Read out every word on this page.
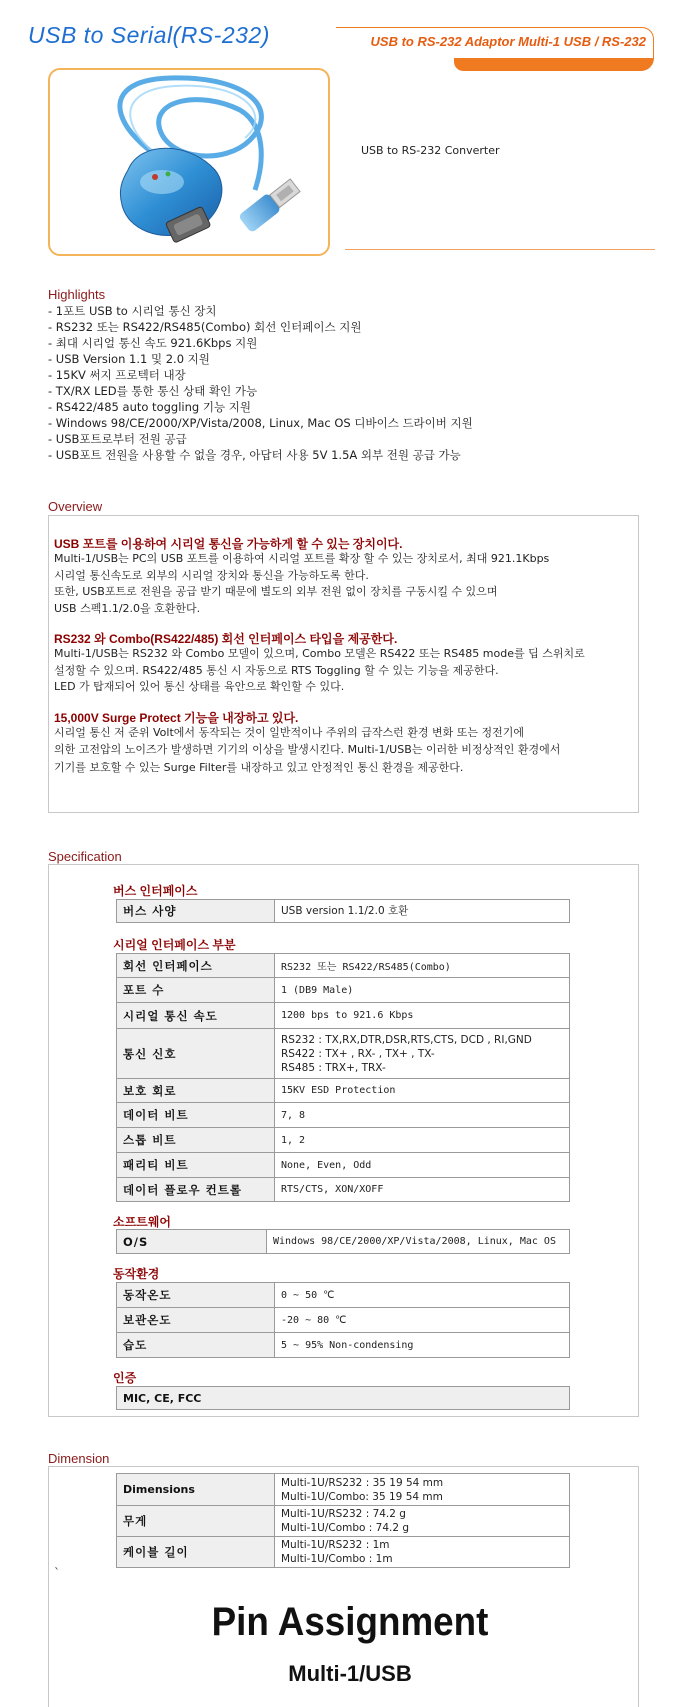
USB to Serial(RS-232)	USB to RS-232 Adaptor Multi-1 USB / RS-232
USB to RS-232 Converter
Highlights
- 1포트 USB to 시리얼 통신 장치
- RS232 또는 RS422/RS485(Combo) 회선 인터페이스 지원
- 최대 시리얼 통신 속도 921.6Kbps 지원
- USB Version 1.1 및 2.0 지원
- 15KV 써지 프로텍터 내장
- TX/RX LED를 통한 통신 상태 확인 가능
- RS422/485 auto toggling 기능 지원
- Windows 98/CE/2000/XP/Vista/2008, Linux, Mac OS 디바이스 드라이버 지원
- USB포트로부터 전원 공급
- USB포트 전원을 사용할 수 없을 경우, 아답터 사용 5V 1.5A 외부 전원 공급 가능
Overview
USB 포트를 이용하여 시리얼 통신을 가능하게 할 수 있는 장치이다.
Multi-1/USB는 PC의 USB 포트를 이용하여 시리얼 포트를 확장 할 수 있는 장치로서, 최대 921.1Kbps
시리얼 통신속도로 외부의 시리얼 장치와 통신을 가능하도록 한다.
또한, USB포트로 전원을 공급 받기 때문에 별도의 외부 전원 없이 장치를 구동시킬 수 있으며
USB 스펙1.1/2.0을 호환한다.
RS232 와 Combo(RS422/485) 회선 인터페이스 타입을 제공한다.
Multi-1/USB는 RS232 와 Combo 모델이 있으며, Combo 모델은 RS422 또는 RS485 mode를 딥 스위치로
설정할 수 있으며. RS422/485 통신 시 자동으로 RTS Toggling 할 수 있는 기능을 제공한다.
LED 가 탑재되어 있어 통신 상태를 육안으로 확인할 수 있다.
15,000V Surge Protect 기능을 내장하고 있다.
시리얼 통신 저 준위 Volt에서 동작되는 것이 일반적이나 주위의 급작스런 환경 변화 또는 정전기에
의한 고전압의 노이즈가 발생하면 기기의 이상을 발생시킨다. Multi-1/USB는 이러한 비정상적인 환경에서
기기를 보호할 수 있는 Surge Filter를 내장하고 있고 안정적인 통신 환경을 제공한다.
Specification
버스 인터페이스
버스 사양	USB version 1.1/2.0 호환
시리얼 인터페이스 부분
회선 인터페이스	RS232 또는 RS422/RS485(Combo)
포트 수	1 (DB9 Male)
시리얼 통신 속도	1200 bps to 921.6 Kbps
통신 신호	RS232 : TX,RX,DTR,DSR,RTS,CTS, DCD , RI,GND
RS422 : TX+ , RX- , TX+ , TX-
RS485 : TRX+, TRX-

보호 회로	15KV ESD Protection
데이터 비트	7, 8
스톱 비트	1, 2
패리티 비트	None, Even, Odd
데이터 플로우 컨트롤	RTS/CTS, XON/XOFF
소프트웨어
O/S	Windows 98/CE/2000/XP/Vista/2008, Linux, Mac OS
동작환경
동작온도	0 ~ 50 ℃
보관온도	-20 ~ 80 ℃
습도	5 ~ 95% Non-condensing
인증
MIC, CE, FCC
Dimension
Dimensions	Multi-1U/RS232 : 35 19 54 mm
Multi-1U/Combo: 35 19 54 mm

무게	Multi-1U/RS232 : 74.2 g
Multi-1U/Combo : 74.2 g

케이블 길이	Multi-1U/RS232 : 1m
Multi-1U/Combo : 1m
`
Pin Assignment
Multi-1/USB
